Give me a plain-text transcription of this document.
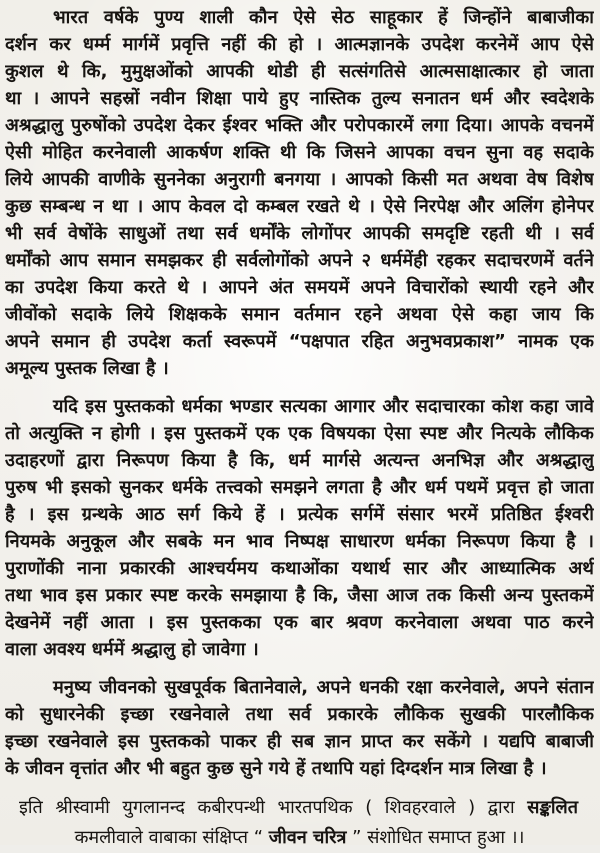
भारत वर्षके पुण्य शाली कौन ऐसे सेठ साहूकार हें जिन्होंने बाबाजीका
दर्शन कर धर्म्म मार्गमें प्रवृत्ति नहीं की हो । आत्मज्ञानके उपदेश करनेमें आप ऐसे
कुशल थे कि, मुमुक्षओंको आपकी थोडी ही सत्संगतिसे आत्मसाक्षात्कार हो जाता
था । आपने सहस्रों नवीन शिक्षा पाये हुए नास्तिक तुल्य सनातन धर्म और स्वदेशके
अश्रद्धालु पुरुषोंको उपदेश देकर ईश्वर भक्ति और परोपकारमें लगा दिया। आपके वचनमें
ऐसी मोहित करनेवाली आकर्षण शक्ति थी कि जिसने आपका वचन सुना वह सदाके
लिये आपकी वाणीके सुननेका अनुरागी बनगया । आपको किसी मत अथवा वेष विशेष
कुछ सम्बन्ध न था । आप केवल दो कम्बल रखते थे । ऐसे निरपेक्ष और अलिंग होनेपर
भी सर्व वेषोंके साधुओं तथा सर्व धर्मोंके लोगोंपर आपकी समदृष्टि रहती थी । सर्व
धर्मोंको आप समान समझकर ही सर्वलोगोंको अपने २ धर्ममेंही रहकर सदाचरणमें वर्तने
का उपदेश किया करते थे । आपने अंत समयमें अपने विचारोंको स्थायी रहने और
जीवोंको सदाके लिये शिक्षकके समान वर्तमान रहने अथवा ऐसे कहा जाय कि
अपने समान ही उपदेश कर्ता स्वरूपमें “पक्षपात रहित अनुभवप्रकाश” नामक एक
अमूल्य पुस्तक लिखा है ।
यदि इस पुस्तकको धर्मका भण्डार सत्यका आगार और सदाचारका कोश कहा जावे
तो अत्युक्ति न होगी । इस पुस्तकमें एक एक विषयका ऐसा स्पष्ट और नित्यके लौकिक
उदाहरणों द्वारा निरूपण किया है कि, धर्म मार्गसे अत्यन्त अनभिज्ञ और अश्रद्धालु
पुरुष भी इसको सुनकर धर्मके तत्त्वको समझने लगता है और धर्म पथमें प्रवृत्त हो जाता
है । इस ग्रन्थके आठ सर्ग किये हें । प्रत्येक सर्गमें संसार भरमें प्रतिष्ठित ईश्वरी
नियमके अनुकूल और सबके मन भाव निष्पक्ष साधारण धर्मका निरूपण किया है ।
पुराणोंकी नाना प्रकारकी आश्चर्यमय कथाओंका यथार्थ सार और आध्यात्मिक अर्थ
तथा भाव इस प्रकार स्पष्ट करके समझाया है कि, जैसा आज तक किसी अन्य पुस्तकमें
देखनेमें नहीं आता । इस पुस्तकका एक बार श्रवण करनेवाला अथवा पाठ करने
वाला अवश्य धर्ममें श्रद्धालु हो जावेगा ।
मनुष्य जीवनको सुखपूर्वक बितानेवाले, अपने धनकी रक्षा करनेवाले, अपने संतान
को सुधारनेकी इच्छा रखनेवाले तथा सर्व प्रकारके लौकिक सुखकी पारलौकिक
इच्छा रखनेवाले इस पुस्तकको पाकर ही सब ज्ञान प्राप्त कर सकेंगे । यद्यपि बाबाजी
के जीवन वृत्तांत और भी बहुत कुछ सुने गये हें तथापि यहां दिग्दर्शन मात्र लिखा है ।
इति श्रीस्वामी युगलानन्द कबीरपन्थी भारतपथिक ( शिवहरवाले ) द्वारा सङ्कलित
कमलीवाले वाबाका संक्षिप्त “ जीवन चरित्र ” संशोधित समाप्त हुआ ।।
